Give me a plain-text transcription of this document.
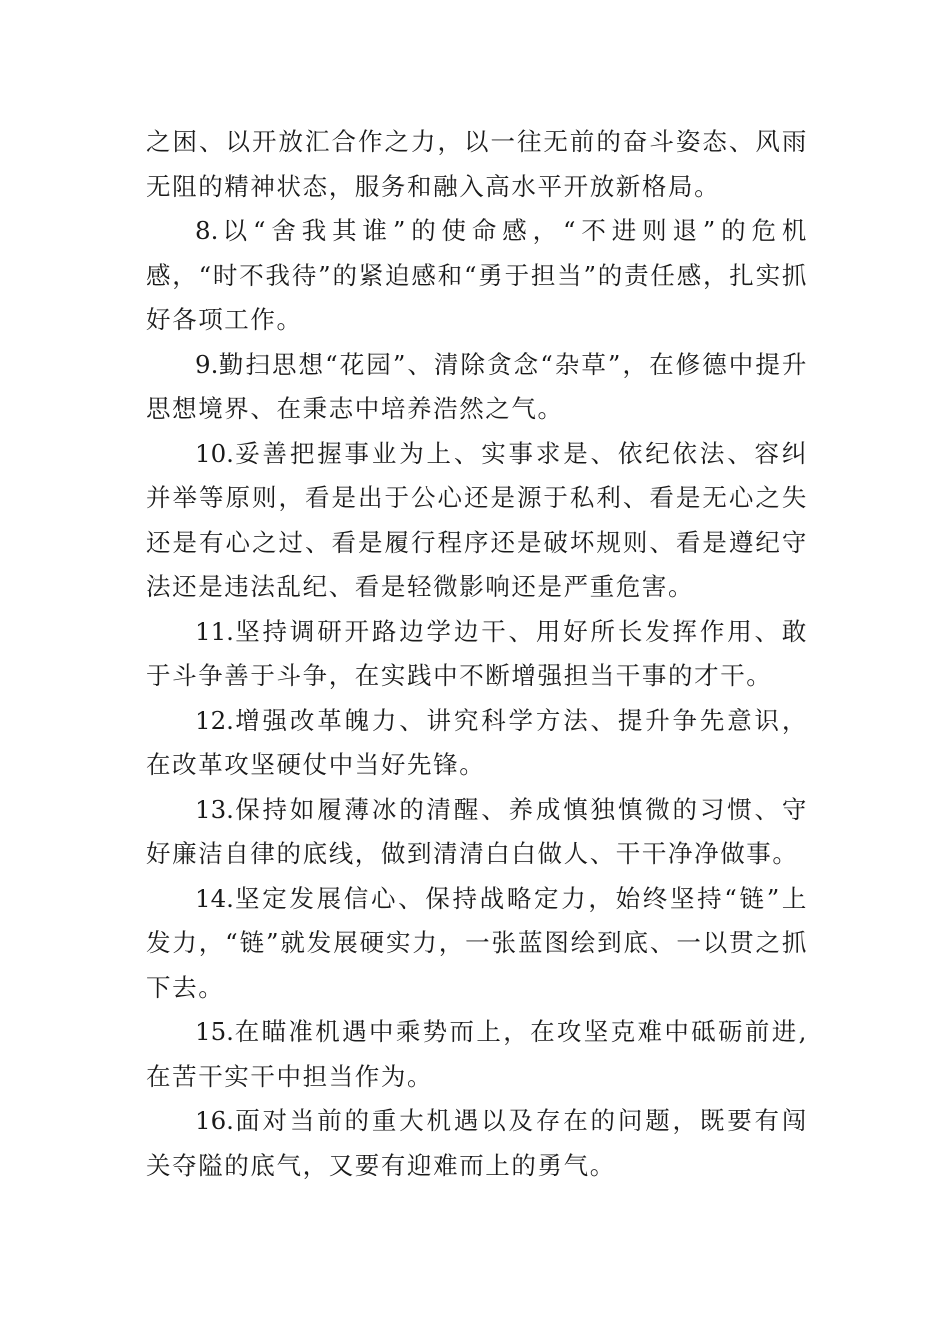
之困、以开放汇合作之力，以一往无前的奋斗姿态、风雨无阻的精神状态，服务和融入高水平开放新格局。

8.以“舍我其谁”的使命感，“不进则退”的危机感，“时不我待”的紧迫感和“勇于担当”的责任感，扎实抓好各项工作。

9.勤扫思想“花园”、清除贪念“杂草”，在修德中提升思想境界、在秉志中培养浩然之气。

10.妥善把握事业为上、实事求是、依纪依法、容纠并举等原则，看是出于公心还是源于私利、看是无心之失还是有心之过、看是履行程序还是破坏规则、看是遵纪守法还是违法乱纪、看是轻微影响还是严重危害。

11.坚持调研开路边学边干、用好所长发挥作用、敢于斗争善于斗争，在实践中不断增强担当干事的才干。

12.增强改革魄力、讲究科学方法、提升争先意识，在改革攻坚硬仗中当好先锋。

13.保持如履薄冰的清醒、养成慎独慎微的习惯、守好廉洁自律的底线，做到清清白白做人、干干净净做事。

14.坚定发展信心、保持战略定力，始终坚持“链”上发力，“链”就发展硬实力，一张蓝图绘到底、一以贯之抓下去。

15.在瞄准机遇中乘势而上，在攻坚克难中砥砺前进,在苦干实干中担当作为。

16.面对当前的重大机遇以及存在的问题，既要有闯关夺隘的底气，又要有迎难而上的勇气。
